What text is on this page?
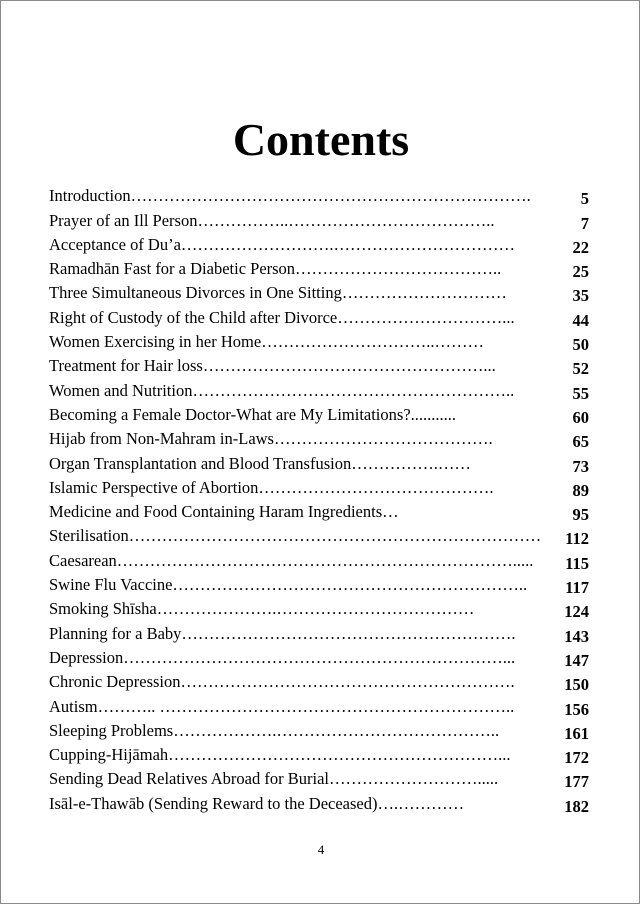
Contents
Introduction……………………………………………………………….	5
Prayer of an Ill Person……………..………………………………..	7
Acceptance of Du’a……………………….……………………………	22
Ramadhān Fast for a Diabetic Person………………………………..	25
Three Simultaneous Divorces in One Sitting…………………………	35
Right of Custody of the Child after Divorce…………………………...	44
Women Exercising in her Home…………………………..………	50
Treatment for Hair loss……………………………………………...	52
Women and Nutrition…………………………………………………..	55
Becoming a Female Doctor-What are My Limitations?...........	60
Hijab from Non-Mahram in-Laws………………………………….	65
Organ Transplantation and Blood Transfusion…………….……	73
Islamic Perspective of Abortion…………………………………….	89
Medicine and Food Containing Haram Ingredients…	95
Sterilisation………………………………………………………………… 112
Caesarean………………………………………………………………..... 115
Swine Flu Vaccine……………………………………………………….. 117
Smoking Shīsha………………….………………………………	124
Planning for a Baby…………………………………………………….	143
Depression……………………………………………………………...	147
Chronic Depression…………………………………………………….	150
Autism……….. ………………………………………………………..	156
Sleeping Problems……………….…………………………………..	161
Cupping-Hijāmah……………………………………………………...	172
Sending Dead Relatives Abroad for Burial……………………….....	177
Isāl-e-Thawāb (Sending Reward to the Deceased)….…………	182
4
